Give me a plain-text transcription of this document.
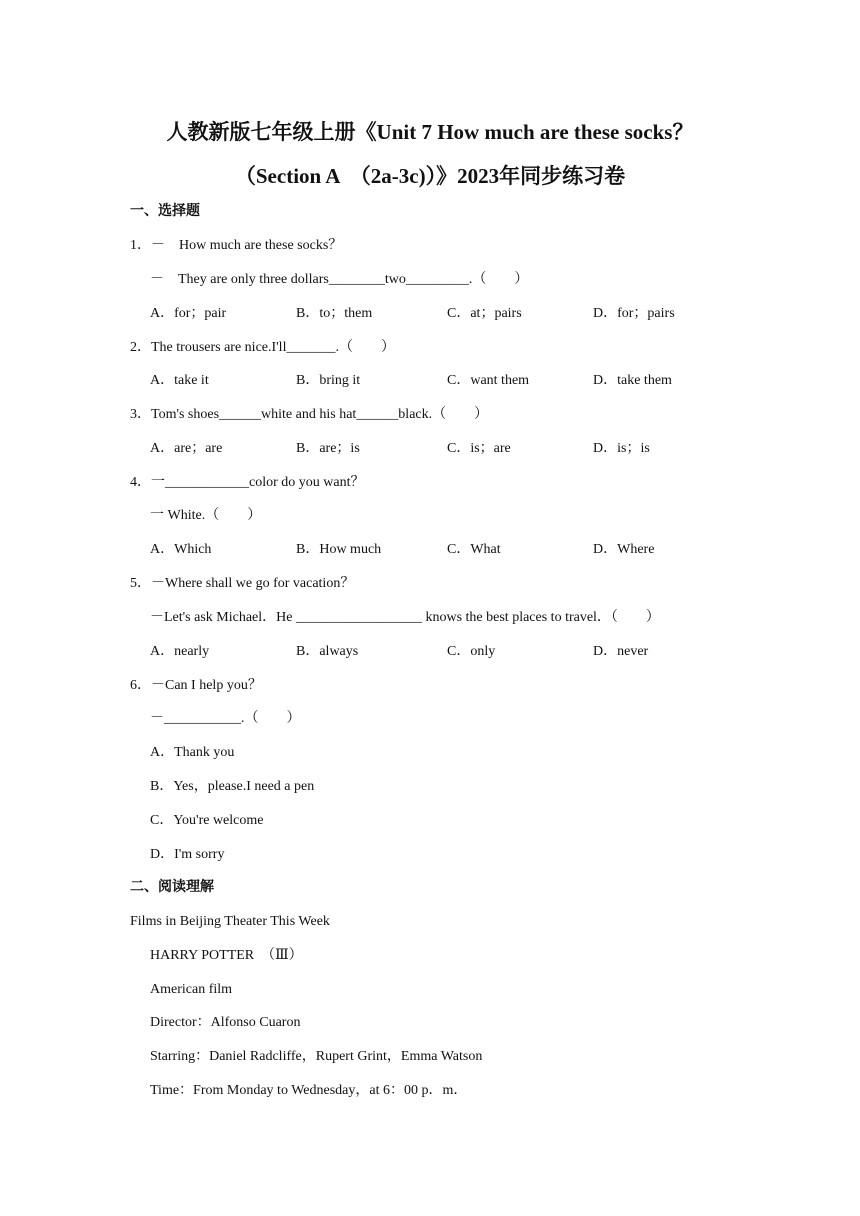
人教新版七年级上册《Unit 7 How much are these socks？
（Section A　（2a-3c)）》2023年同步练习卷
一、选择题
1．－　How much are these socks？
－　They are only three dollars________two_________.（　　）
A．for；pair	B．to；them	C．at；pairs	D．for；pairs
2．The trousers are nice.I'll_______.（　　）
A．take it	B．bring it	C．want them	D．take them
3．Tom's shoes______white and his hat______black.（　　）
A．are；are	B．are；is	C．is；are	D．is；is
4．一____________color do you want？
一 White.（　　）
A．Which	B．How much	C．What	D．Where
5．－Where shall we go for vacation？
－Let's ask Michael．He __________________ knows the best places to travel．（　　）
A．nearly	B．always	C．only	D．never
6．－Can I help you？
－___________.（　　）
A．Thank you
B．Yes，please.I need a pen
C．You're welcome
D．I'm sorry
二、阅读理解
Films in Beijing Theater This Week
HARRY POTTER　（Ⅲ）
American film
Director：Alfonso Cuaron
Starring：Daniel Radcliffe，Rupert Grint，Emma Watson
Time：From Monday to Wednesday，at 6：00 p．m．
